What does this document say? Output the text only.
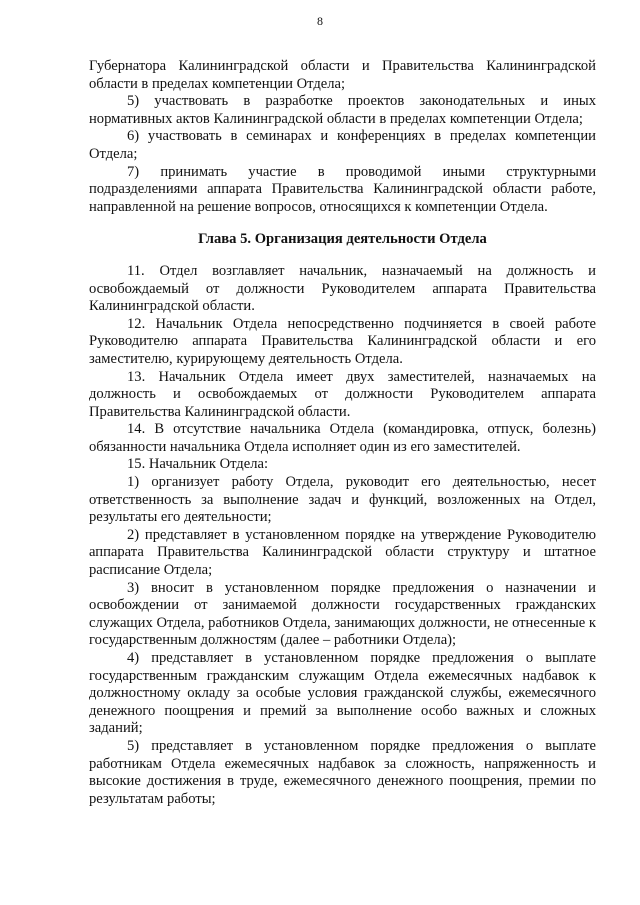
8

Губернатора Калининградской области и Правительства Калининградской области в пределах компетенции Отдела;

5) участвовать в разработке проектов законодательных и иных нормативных актов Калининградской области в пределах компетенции Отдела;

6) участвовать в семинарах и конференциях в пределах компетенции Отдела;

7) принимать участие в проводимой иными структурными подразделениями аппарата Правительства Калининградской области работе, направленной на решение вопросов, относящихся к компетенции Отдела.

Глава 5. Организация деятельности Отдела

11. Отдел возглавляет начальник, назначаемый на должность и освобождаемый от должности Руководителем аппарата Правительства Калининградской области.

12. Начальник Отдела непосредственно подчиняется в своей работе Руководителю аппарата Правительства Калининградской области и его заместителю, курирующему деятельность Отдела.

13. Начальник Отдела имеет двух заместителей, назначаемых на должность и освобождаемых от должности Руководителем аппарата Правительства Калининградской области.

14. В отсутствие начальника Отдела (командировка, отпуск, болезнь) обязанности начальника Отдела исполняет один из его заместителей.

15. Начальник Отдела:

1) организует работу Отдела, руководит его деятельностью, несет ответственность за выполнение задач и функций, возложенных на Отдел, результаты его деятельности;

2) представляет в установленном порядке на утверждение Руководителю аппарата Правительства Калининградской области структуру и штатное расписание Отдела;

3) вносит в установленном порядке предложения о назначении и освобождении от занимаемой должности государственных гражданских служащих Отдела, работников Отдела, занимающих должности, не отнесенные к государственным должностям (далее – работники Отдела);

4) представляет в установленном порядке предложения о выплате государственным гражданским служащим Отдела ежемесячных надбавок к должностному окладу за особые условия гражданской службы, ежемесячного денежного поощрения и премий за выполнение особо важных и сложных заданий;

5) представляет в установленном порядке предложения о выплате работникам Отдела ежемесячных надбавок за сложность, напряженность и высокие достижения в труде, ежемесячного денежного поощрения, премии по результатам работы;
